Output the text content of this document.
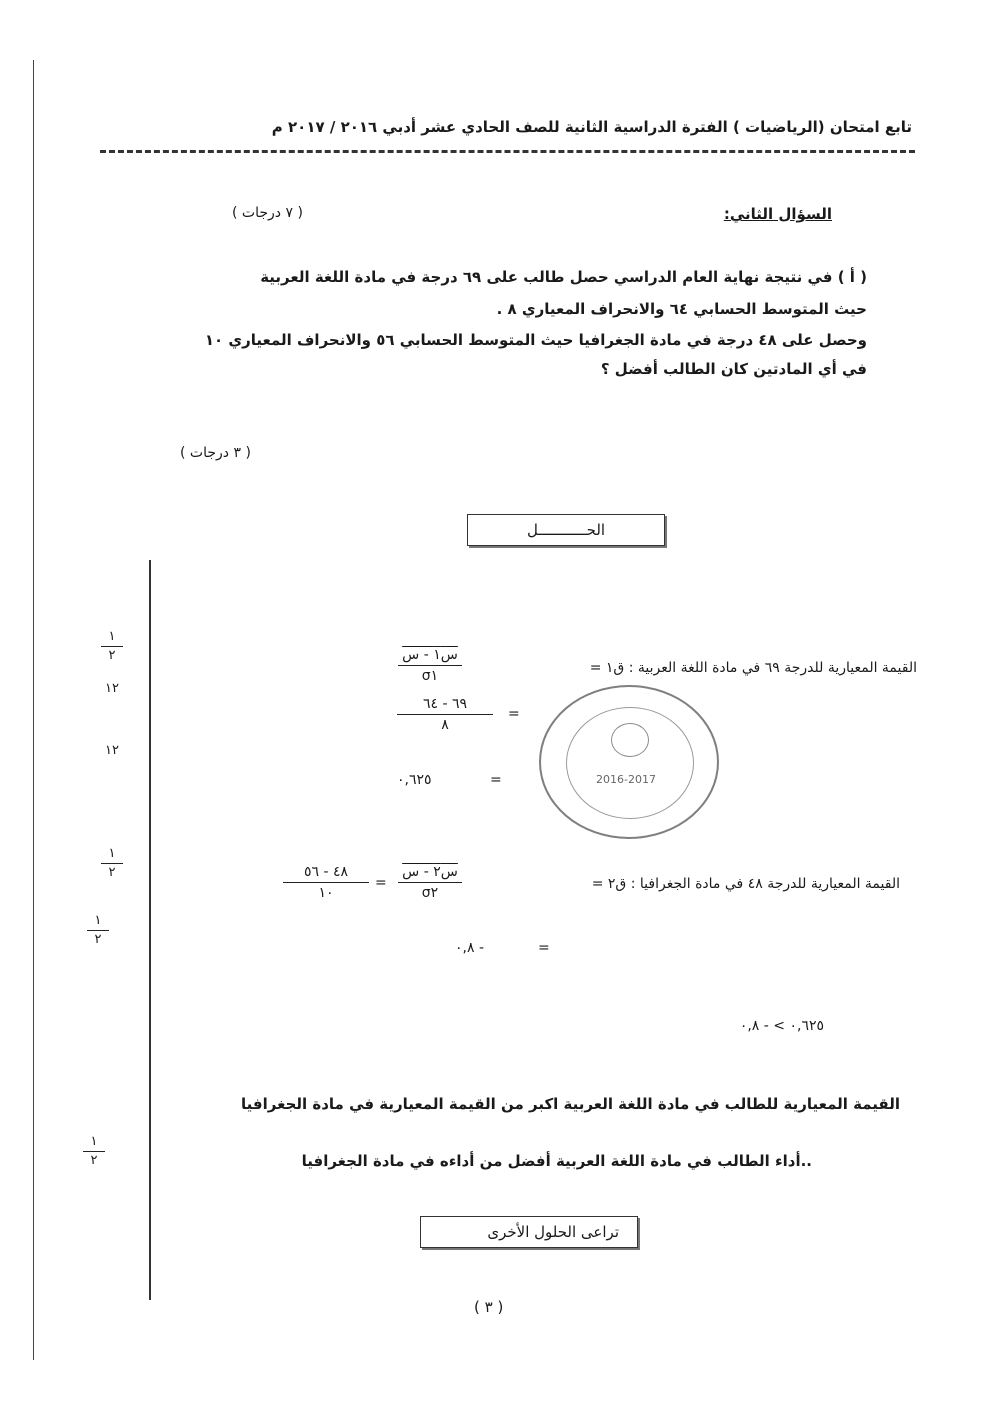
تابع امتحان (الرياضيات ) الفترة الدراسية الثانية للصف الحادي عشر أدبي ٢٠١٦ / ٢٠١٧ م
السؤال الثاني:
( ٧ درجات )
( أ ) في نتيجة نهاية العام الدراسي حصل طالب على ٦٩ درجة في مادة اللغة العربية
حيث المتوسط الحسابي ٦٤ والانحراف المعياري ٨ .
وحصل على ٤٨ درجة في مادة الجغرافيا حيث المتوسط الحسابي ٥٦ والانحراف المعياري ١٠
في أي المادتين كان الطالب أفضل ؟
( ٣ درجات )
الحـــــــــــل
١
٢
١٢
١٢
١
٢
١
٢
١
٢
2016-2017
القيمة المعيارية للدرجة ٦٩ في مادة اللغة العربية : ق١ =
س١ - س
σ١
=
٦٩ - ٦٤
٨
=
٠,٦٢٥
القيمة المعيارية للدرجة ٤٨ في مادة الجغرافيا : ق٢ =
س٢ - س
σ٢
=
٤٨ - ٥٦
١٠
=
- ٠,٨
٠,٦٢٥ > - ٠,٨
القيمة المعيارية للطالب في مادة اللغة العربية اكبر من القيمة المعيارية في مادة الجغرافيا
..أداء الطالب في مادة اللغة العربية أفضل من أداءه في مادة الجغرافيا
تراعى الحلول الأخرى
( ٣ )
